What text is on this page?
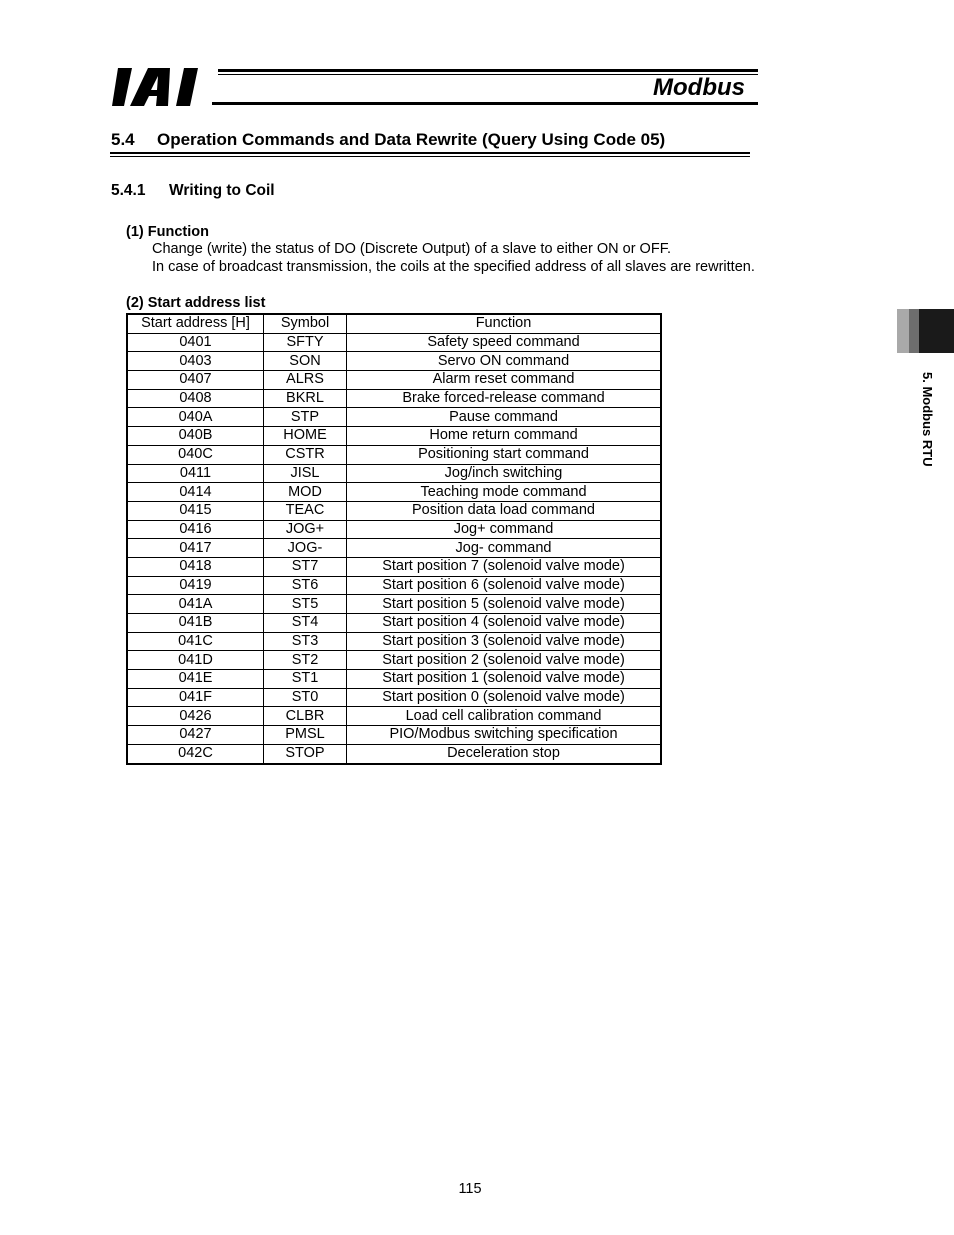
Modbus
5.4 Operation Commands and Data Rewrite (Query Using Code 05)
5.4.1 Writing to Coil
(1) Function
Change (write) the status of DO (Discrete Output) of a slave to either ON or OFF.
In case of broadcast transmission, the coils at the specified address of all slaves are rewritten.
(2) Start address list
Start address [H]	Symbol	Function
0401	SFTY	Safety speed command
0403	SON	Servo ON command
0407	ALRS	Alarm reset command
0408	BKRL	Brake forced-release command
040A	STP	Pause command
040B	HOME	Home return command
040C	CSTR	Positioning start command
0411	JISL	Jog/inch switching
0414	MOD	Teaching mode command
0415	TEAC	Position data load command
0416	JOG+	Jog+ command
0417	JOG-	Jog- command
0418	ST7	Start position 7 (solenoid valve mode)
0419	ST6	Start position 6 (solenoid valve mode)
041A	ST5	Start position 5 (solenoid valve mode)
041B	ST4	Start position 4 (solenoid valve mode)
041C	ST3	Start position 3 (solenoid valve mode)
041D	ST2	Start position 2 (solenoid valve mode)
041E	ST1	Start position 1 (solenoid valve mode)
041F	ST0	Start position 0 (solenoid valve mode)
0426	CLBR	Load cell calibration command
0427	PMSL	PIO/Modbus switching specification
042C	STOP	Deceleration stop
5. Modbus RTU
115
